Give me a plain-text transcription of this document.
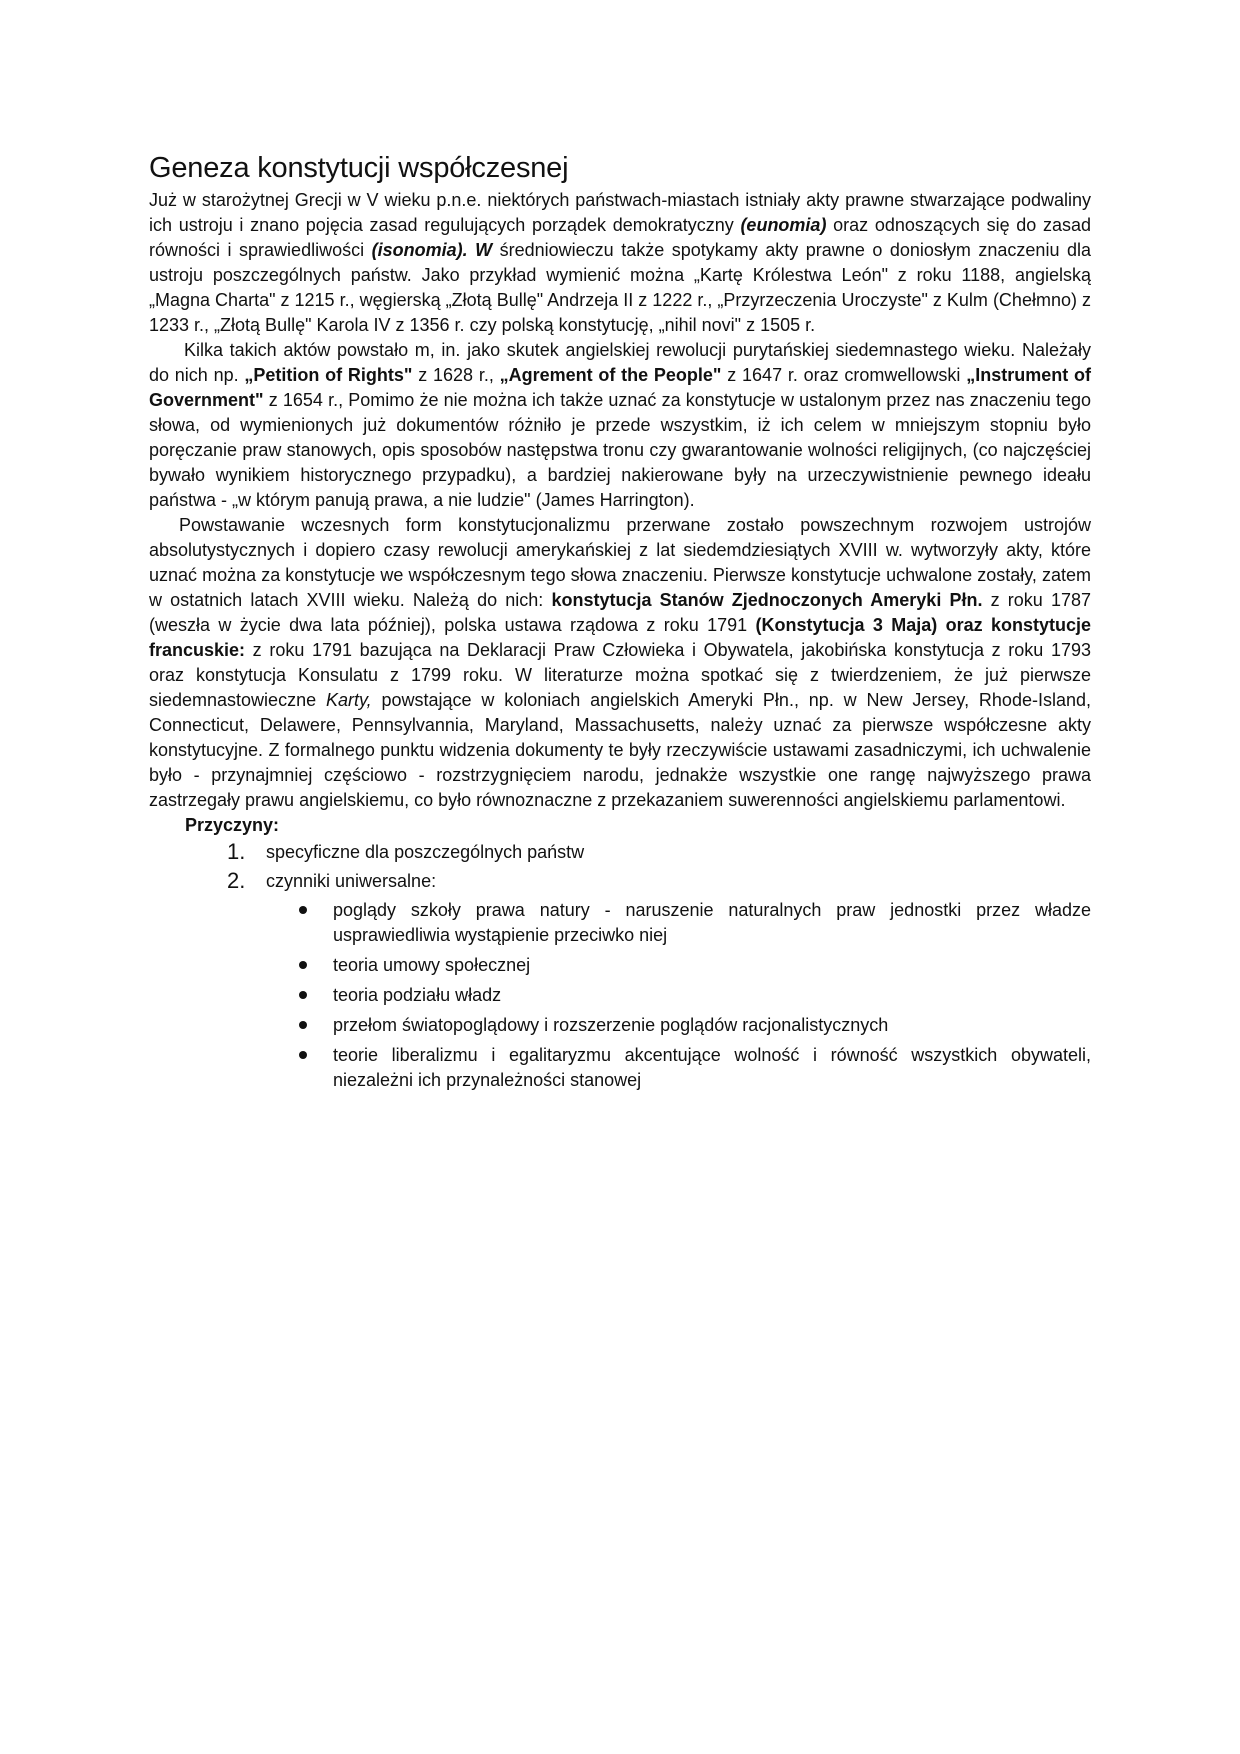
Geneza konstytucji współczesnej

Już w starożytnej Grecji w V wieku p.n.e. niektórych państwach-miastach istniały akty prawne stwarzające podwaliny ich ustroju i znano pojęcia zasad regulujących porządek demokratyczny (eunomia) oraz odnoszących się do zasad równości i sprawiedliwości (isonomia). W średniowieczu także spotykamy akty prawne o doniosłym znaczeniu dla ustroju poszczególnych państw. Jako przykład wymienić można „Kartę Królestwa León" z roku 1188, angielską „Magna Charta" z 1215 r., węgierską „Złotą Bullę" Andrzeja II z 1222 r., „Przyrzeczenia Uroczyste" z Kulm (Chełmno) z 1233 r., „Złotą Bullę" Karola IV z 1356 r. czy polską konstytucję, „nihil novi" z 1505 r.

Kilka takich aktów powstało m, in. jako skutek angielskiej rewolucji purytańskiej siedemnastego wieku. Należały do nich np. „Petition of Rights" z 1628 r., „Agrement of the People" z 1647 r. oraz cromwellowski „Instrument of Government" z 1654 r., Pomimo że nie można ich także uznać za konstytucje w ustalonym przez nas znaczeniu tego słowa, od wymienionych już dokumentów różniło je przede wszystkim, iż ich celem w mniejszym stopniu było poręczanie praw stanowych, opis sposobów następstwa tronu czy gwarantowanie wolności religijnych, (co najczęściej bywało wynikiem historycznego przypadku), a bardziej nakierowane były na urzeczywistnienie pewnego ideału państwa - „w którym panują prawa, a nie ludzie" (James Harrington).

Powstawanie wczesnych form konstytucjonalizmu przerwane zostało powszechnym rozwojem ustrojów absolutystycznych i dopiero czasy rewolucji amerykańskiej z lat siedemdziesiątych XVIII w. wytworzyły akty, które uznać można za konstytucje we współczesnym tego słowa znaczeniu. Pierwsze konstytucje uchwalone zostały, zatem w ostatnich latach XVIII wieku. Należą do nich: konstytucja Stanów Zjednoczonych Ameryki Płn. z roku 1787 (weszła w życie dwa lata później), polska ustawa rządowa z roku 1791 (Konstytucja 3 Maja) oraz konstytucje francuskie: z roku 1791 bazująca na Deklaracji Praw Człowieka i Obywatela, jakobińska konstytucja z roku 1793 oraz konstytucja Konsulatu z 1799 roku. W literaturze można spotkać się z twierdzeniem, że już pierwsze siedemnastowieczne Karty, powstające w koloniach angielskich Ameryki Płn., np. w New Jersey, Rhode-Island, Connecticut, Delawere, Pennsylvannia, Maryland, Massachusetts, należy uznać za pierwsze współczesne akty konstytucyjne. Z formalnego punktu widzenia dokumenty te były rzeczywiście ustawami zasadniczymi, ich uchwalenie było - przynajmniej częściowo - rozstrzygnięciem narodu, jednakże wszystkie one rangę najwyższego prawa zastrzegały prawu angielskiemu, co było równoznaczne z przekazaniem suwerenności angielskiemu parlamentowi.

Przyczyny:
1. specyficzne dla poszczególnych państw
2. czynniki uniwersalne:
poglądy szkoły prawa natury - naruszenie naturalnych praw jednostki przez władze usprawiedliwia wystąpienie przeciwko niej
teoria umowy społecznej
teoria podziału władz
przełom światopoglądowy i rozszerzenie poglądów racjonalistycznych
teorie liberalizmu i egalitaryzmu akcentujące wolność i równość wszystkich obywateli, niezależni ich przynależności stanowej
